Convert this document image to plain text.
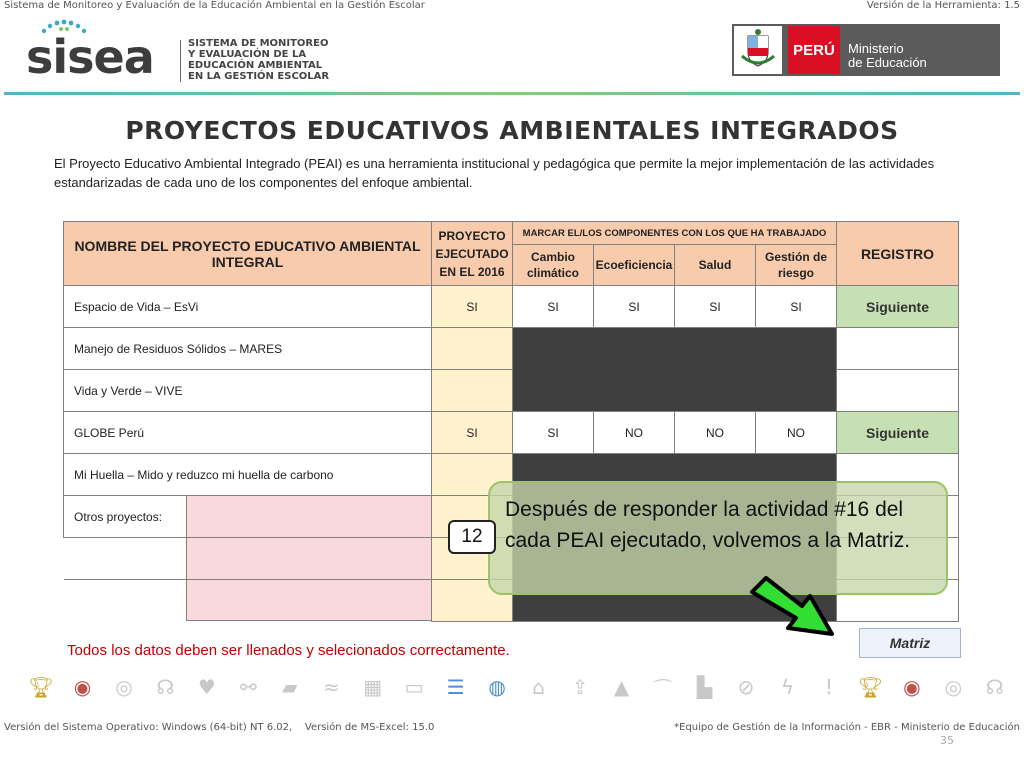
Sistema de Monitoreo y Evaluación de la Educación Ambiental en la Gestión Escolar	Versión de la Herramienta: 1.5
sisea	SISTEMA DE MONITOREO
Y EVALUACIÓN DE LA
EDUCACIÓN AMBIENTAL
EN LA GESTIÓN ESCOLAR
PERÚ	Ministerio
de Educación
PROYECTOS EDUCATIVOS AMBIENTALES INTEGRADOS
El Proyecto Educativo Ambiental Integrado (PEAI) es una herramienta institucional y pedagógica que permite la mejor implementación de las actividades estandarizadas de cada uno de los componentes del enfoque ambiental.
NOMBRE DEL PROYECTO EDUCATIVO AMBIENTAL INTEGRAL	PROYECTO EJECUTADO EN EL 2016	MARCAR EL/LOS COMPONENTES CON LOS QUE HA TRABAJADO				REGISTRO
		Cambio climático	Ecoeficiencia	Salud	Gestión de riesgo	
Espacio de Vida – EsVi	SI	SI	SI	SI	SI	Siguiente
Manejo de Residuos Sólidos – MARES						
Vida y Verde – VIVE						
GLOBE Perú	SI	SI	NO	NO	NO	Siguiente
Mi Huella – Mido y reduzco mi huella de carbono						

Otros proyectos:						

			Después de responder la actividad #16 del cada PEAI ejecutado, volvemos a la Matriz.
12
Matriz
Todos los datos deben ser llenados y selecionados correctamente.
🏆︎ ◉ ◎ ☊ ♥ ⚯ ▰ ≈ ▦ ▭ ☰ ◍	⌂	⇪ ▲ ⌒ ▙ ⊘	ϟ	ǃ	🏆︎ ◉ ◎ ☊
Versión del Sistema Operativo: Windows (64-bit) NT 6.02, Versión de MS-Excel: 15.0	*Equipo de Gestión de la Información - EBR - Ministerio de Educación
35
